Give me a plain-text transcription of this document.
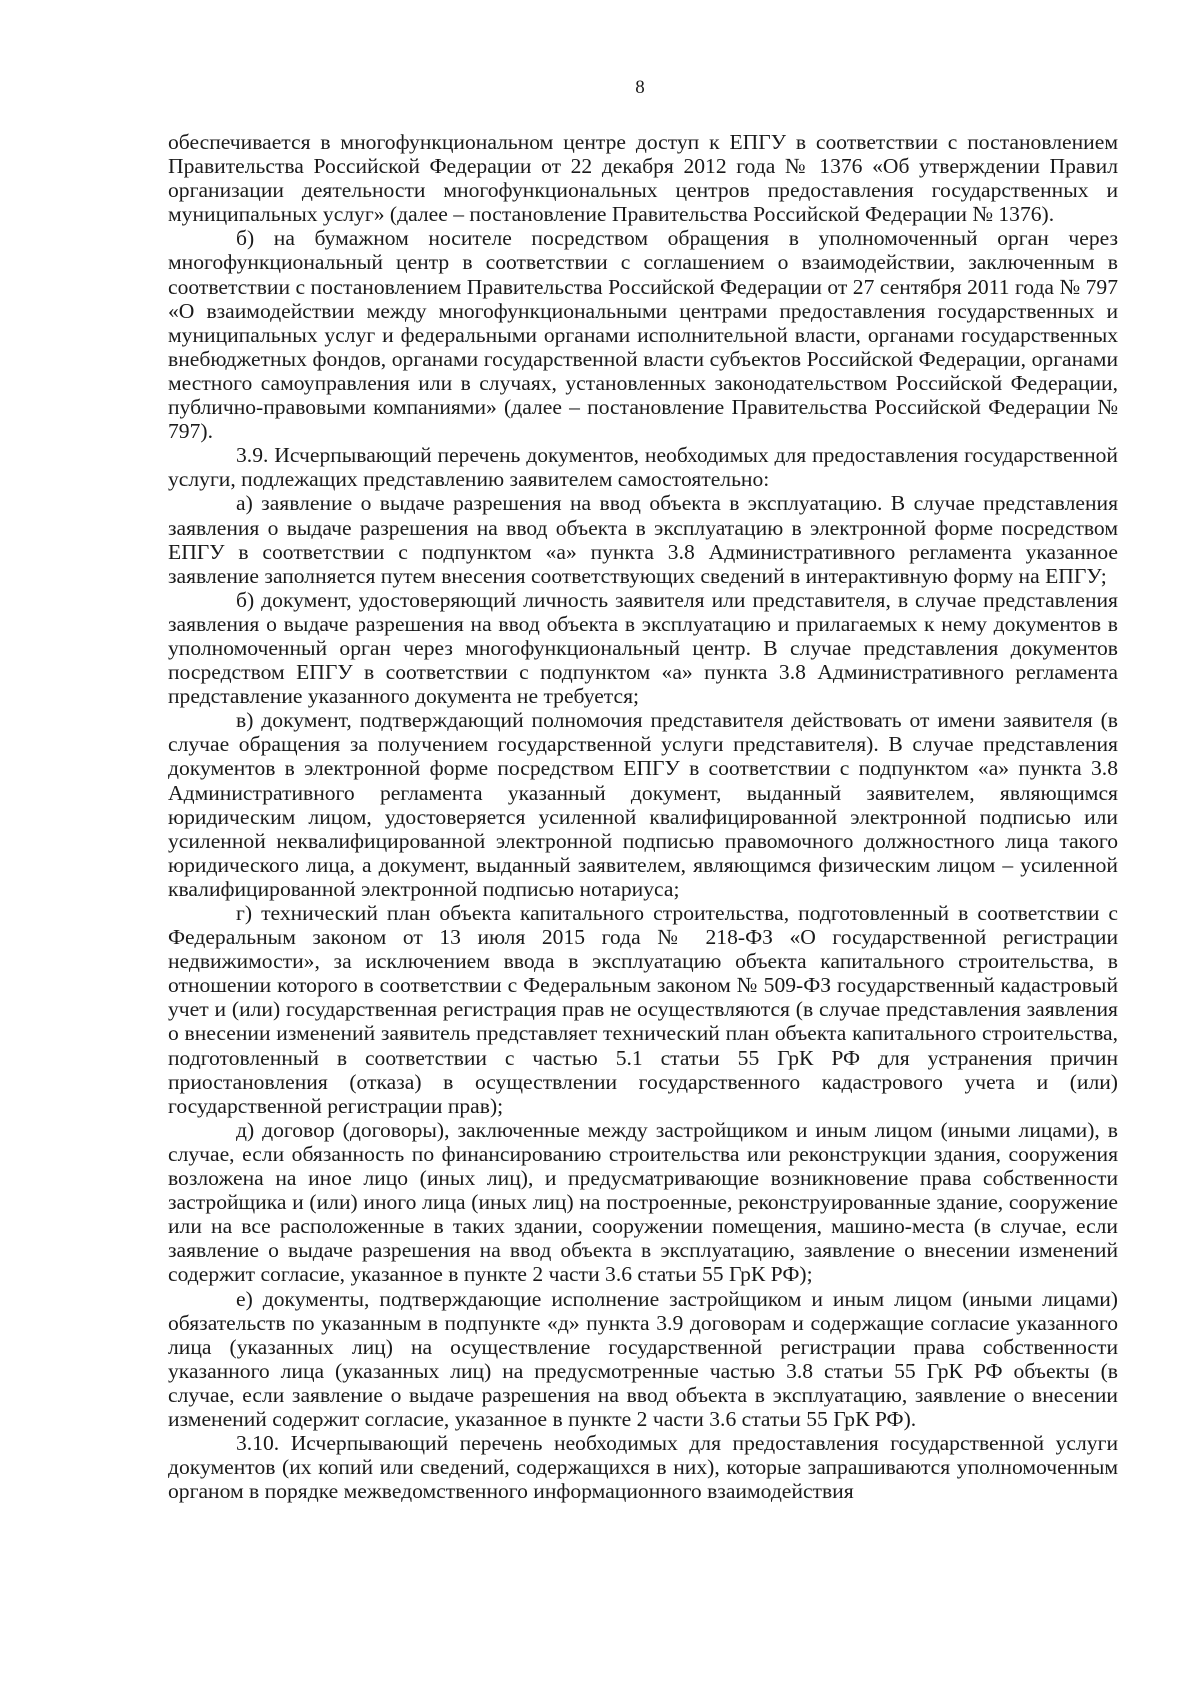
8

обеспечивается в многофункциональном центре доступ к ЕПГУ в соответствии с постановлением Правительства Российской Федерации от 22 декабря 2012 года № 1376 «Об утверждении Правил организации деятельности многофункциональных центров предоставления государственных и муниципальных услуг» (далее – постановление Правительства Российской Федерации № 1376).

б) на бумажном носителе посредством обращения в уполномоченный орган через многофункциональный центр в соответствии с соглашением о взаимодействии, заключенным в соответствии с постановлением Правительства Российской Федерации от 27 сентября 2011 года № 797 «О взаимодействии между многофункциональными центрами предоставления государственных и муниципальных услуг и федеральными органами исполнительной власти, органами государственных внебюджетных фондов, органами государственной власти субъектов Российской Федерации, органами местного самоуправления или в случаях, установленных законодательством Российской Федерации, публично-правовыми компаниями» (далее – постановление Правительства Российской Федерации № 797).

3.9. Исчерпывающий перечень документов, необходимых для предоставления государственной услуги, подлежащих представлению заявителем самостоятельно:

а) заявление о выдаче разрешения на ввод объекта в эксплуатацию. В случае представления заявления о выдаче разрешения на ввод объекта в эксплуатацию в электронной форме посредством ЕПГУ в соответствии с подпунктом «а» пункта 3.8 Административного регламента указанное заявление заполняется путем внесения соответствующих сведений в интерактивную форму на ЕПГУ;

б) документ, удостоверяющий личность заявителя или представителя, в случае представления заявления о выдаче разрешения на ввод объекта в эксплуатацию и прилагаемых к нему документов в уполномоченный орган через многофункциональный центр. В случае представления документов посредством ЕПГУ в соответствии с подпунктом «а» пункта 3.8 Административного регламента представление указанного документа не требуется;

в) документ, подтверждающий полномочия представителя действовать от имени заявителя (в случае обращения за получением государственной услуги представителя). В случае представления документов в электронной форме посредством ЕПГУ в соответствии с подпунктом «а» пункта 3.8 Административного регламента указанный документ, выданный заявителем, являющимся юридическим лицом, удостоверяется усиленной квалифицированной электронной подписью или усиленной неквалифицированной электронной подписью правомочного должностного лица такого юридического лица, а документ, выданный заявителем, являющимся физическим лицом – усиленной квалифицированной электронной подписью нотариуса;

г) технический план объекта капитального строительства, подготовленный в соответствии с Федеральным законом от 13 июля 2015 года № 218-ФЗ «О государственной регистрации недвижимости», за исключением ввода в эксплуатацию объекта капитального строительства, в отношении которого в соответствии с Федеральным законом № 509-ФЗ государственный кадастровый учет и (или) государственная регистрация прав не осуществляются (в случае представления заявления о внесении изменений заявитель представляет технический план объекта капитального строительства, подготовленный в соответствии с частью 5.1 статьи 55 ГрК РФ для устранения причин приостановления (отказа) в осуществлении государственного кадастрового учета и (или) государственной регистрации прав);

д) договор (договоры), заключенные между застройщиком и иным лицом (иными лицами), в случае, если обязанность по финансированию строительства или реконструкции здания, сооружения возложена на иное лицо (иных лиц), и предусматривающие возникновение права собственности застройщика и (или) иного лица (иных лиц) на построенные, реконструированные здание, сооружение или на все расположенные в таких здании, сооружении помещения, машино-места (в случае, если заявление о выдаче разрешения на ввод объекта в эксплуатацию, заявление о внесении изменений содержит согласие, указанное в пункте 2 части 3.6 статьи 55 ГрК РФ);

е) документы, подтверждающие исполнение застройщиком и иным лицом (иными лицами) обязательств по указанным в подпункте «д» пункта 3.9 договорам и содержащие согласие указанного лица (указанных лиц) на осуществление государственной регистрации права собственности указанного лица (указанных лиц) на предусмотренные частью 3.8 статьи 55 ГрК РФ объекты (в случае, если заявление о выдаче разрешения на ввод объекта в эксплуатацию, заявление о внесении изменений содержит согласие, указанное в пункте 2 части 3.6 статьи 55 ГрК РФ).

3.10. Исчерпывающий перечень необходимых для предоставления государственной услуги документов (их копий или сведений, содержащихся в них), которые запрашиваются уполномоченным органом в порядке межведомственного информационного взаимодействия
